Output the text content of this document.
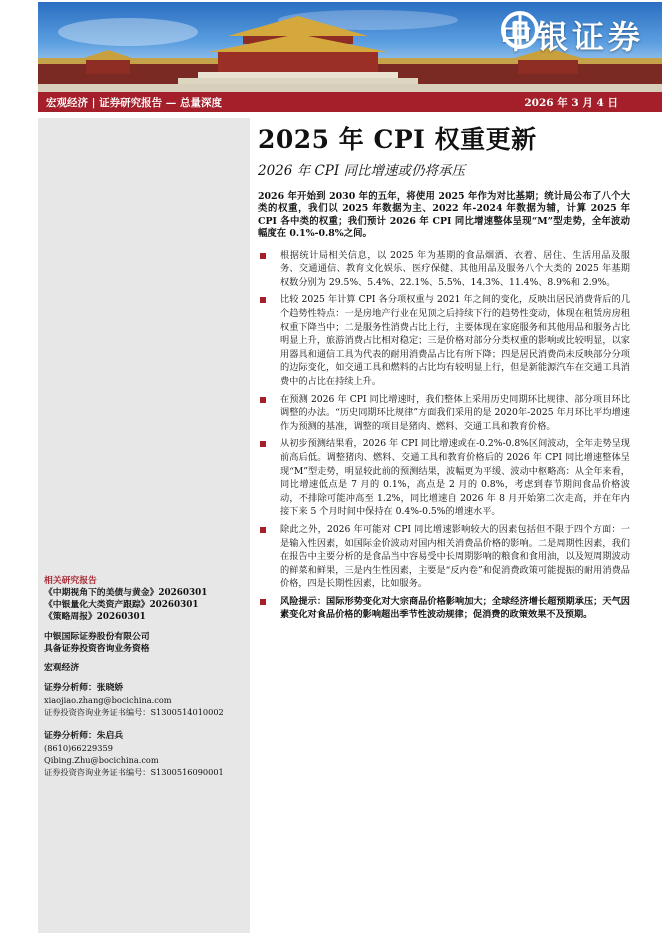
中银证券
宏观经济 | 证券研究报告 — 总量深度	2026 年 3 月 4 日
相关研究报告
《中期视角下的美债与黄金》20260301
《中银量化大类资产跟踪》20260301
《策略周报》20260301
中银国际证券股份有限公司
具备证券投资咨询业务资格
宏观经济
证券分析师：张晓娇
xiaojiao.zhang@bocichina.com
证券投资咨询业务证书编号：S1300514010002
证券分析师：朱启兵
(8610)66229359
Qibing.Zhu@bocichina.com
证券投资咨询业务证书编号：S1300516090001
2025 年 CPI 权重更新
2026 年 CPI 同比增速或仍将承压
2026 年开始到 2030 年的五年，将使用 2025 年作为对比基期；统计局公布了八个大类的权重，我们以 2025 年数据为主、2022 年-2024 年数据为辅，计算 2025 年 CPI 各中类的权重；我们预计 2026 年 CPI 同比增速整体呈现“M”型走势，全年波动幅度在 0.1%-0.8%之间。
根据统计局相关信息，以 2025 年为基期的食品烟酒、衣着、居住、生活用品及服务、交通通信、教育文化娱乐、医疗保健、其他用品及服务八个大类的 2025 年基期权数分别为 29.5%、5.4%、22.1%、5.5%、14.3%、11.4%、8.9%和 2.9%。
比较 2025 年计算 CPI 各分项权重与 2021 年之间的变化，反映出居民消费背后的几个趋势性特点：一是房地产行业在见顶之后持续下行的趋势性变动，体现在租赁房房租权重下降当中；二是服务性消费占比上行，主要体现在家庭服务和其他用品和服务占比明显上升，旅游消费占比相对稳定；三是价格对部分分类权重的影响或比较明显，以家用器具和通信工具为代表的耐用消费品占比有所下降；四是居民消费尚未反映部分分项的边际变化，如交通工具和燃料的占比均有较明显上行，但是新能源汽车在交通工具消费中的占比在持续上升。
在预测 2026 年 CPI 同比增速时，我们整体上采用历史同期环比规律、部分项目环比调整的办法。“历史同期环比规律”方面我们采用的是 2020年-2025 年月环比平均增速作为预测的基准，调整的项目是猪肉、燃料、交通工具和教育价格。
从初步预测结果看，2026 年 CPI 同比增速或在-0.2%-0.8%区间波动，全年走势呈现前高后低。调整猪肉、燃料、交通工具和教育价格后的 2026 年 CPI 同比增速整体呈现“M”型走势，明显较此前的预测结果，波幅更为平缓、波动中枢略高：从全年来看，同比增速低点是 7 月的 0.1%，高点是 2 月的 0.8%，考虑到春节期间食品价格波动，不排除可能冲高至 1.2%，同比增速自 2026 年 8 月开始第二次走高，并在年内接下来 5 个月时间中保持在 0.4%-0.5%的增速水平。
除此之外，2026 年可能对 CPI 同比增速影响较大的因素包括但不限于四个方面：一是输入性因素，如国际金价波动对国内相关消费品价格的影响。二是周期性因素，我们在报告中主要分析的是食品当中容易受中长周期影响的粮食和食用油，以及短周期波动的鲜菜和鲜果，三是内生性因素，主要是“反内卷”和促消费政策可能提振的耐用消费品价格，四是长期性因素，比如服务。
风险提示：国际形势变化对大宗商品价格影响加大；全球经济增长超预期承压；天气因素变化对食品价格的影响超出季节性波动规律；促消费的政策效果不及预期。
